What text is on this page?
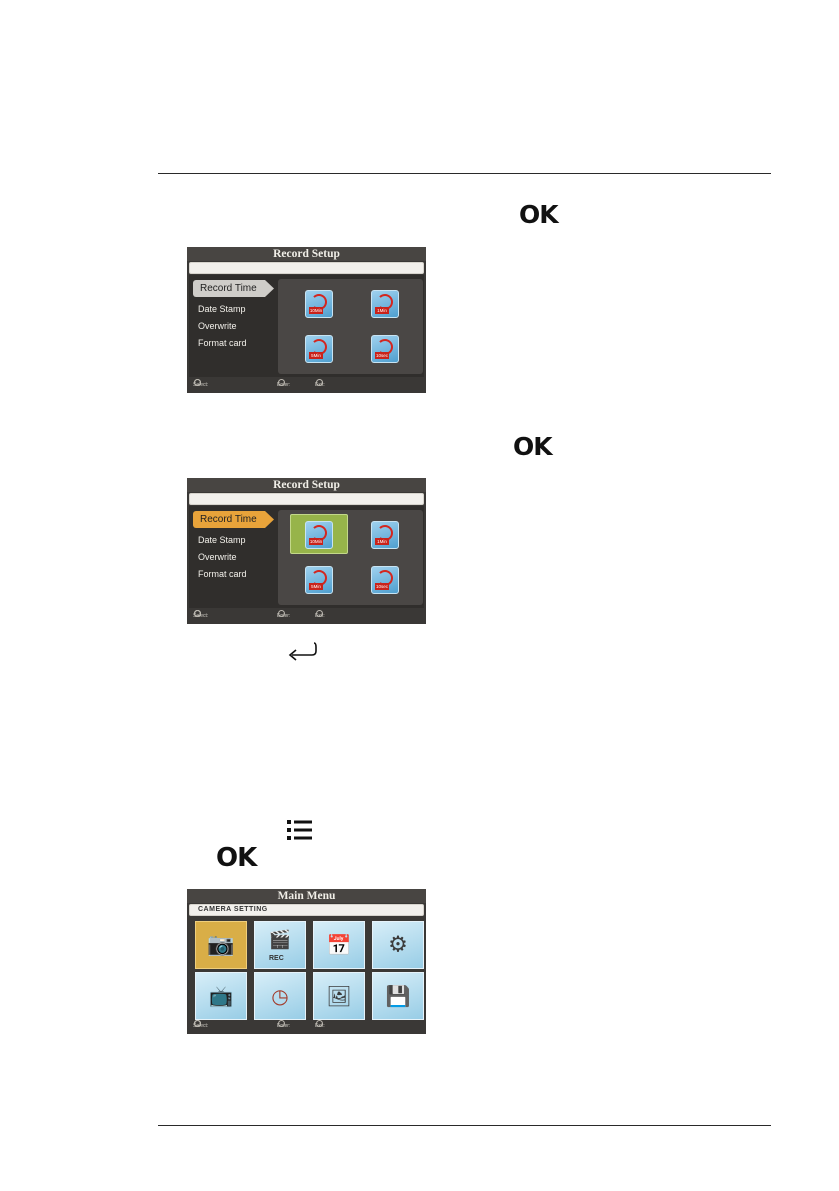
OK
OK
OK
Record Setup
Record Time
Date Stamp
Overwrite
Format card
10Min	1Min
5Min	10sec
Select:	Enter:	Exit:
Record Setup
Record Time
Date Stamp
Overwrite
Format card
10Min	1Min
5Min	10sec
Select:	Enter:	Exit:
Main Menu
CAMERA SETTING
📷 🎬
REC
📅 ⚙
📺 ◷ 🖼 💾
Select:	Enter:	Exit:
